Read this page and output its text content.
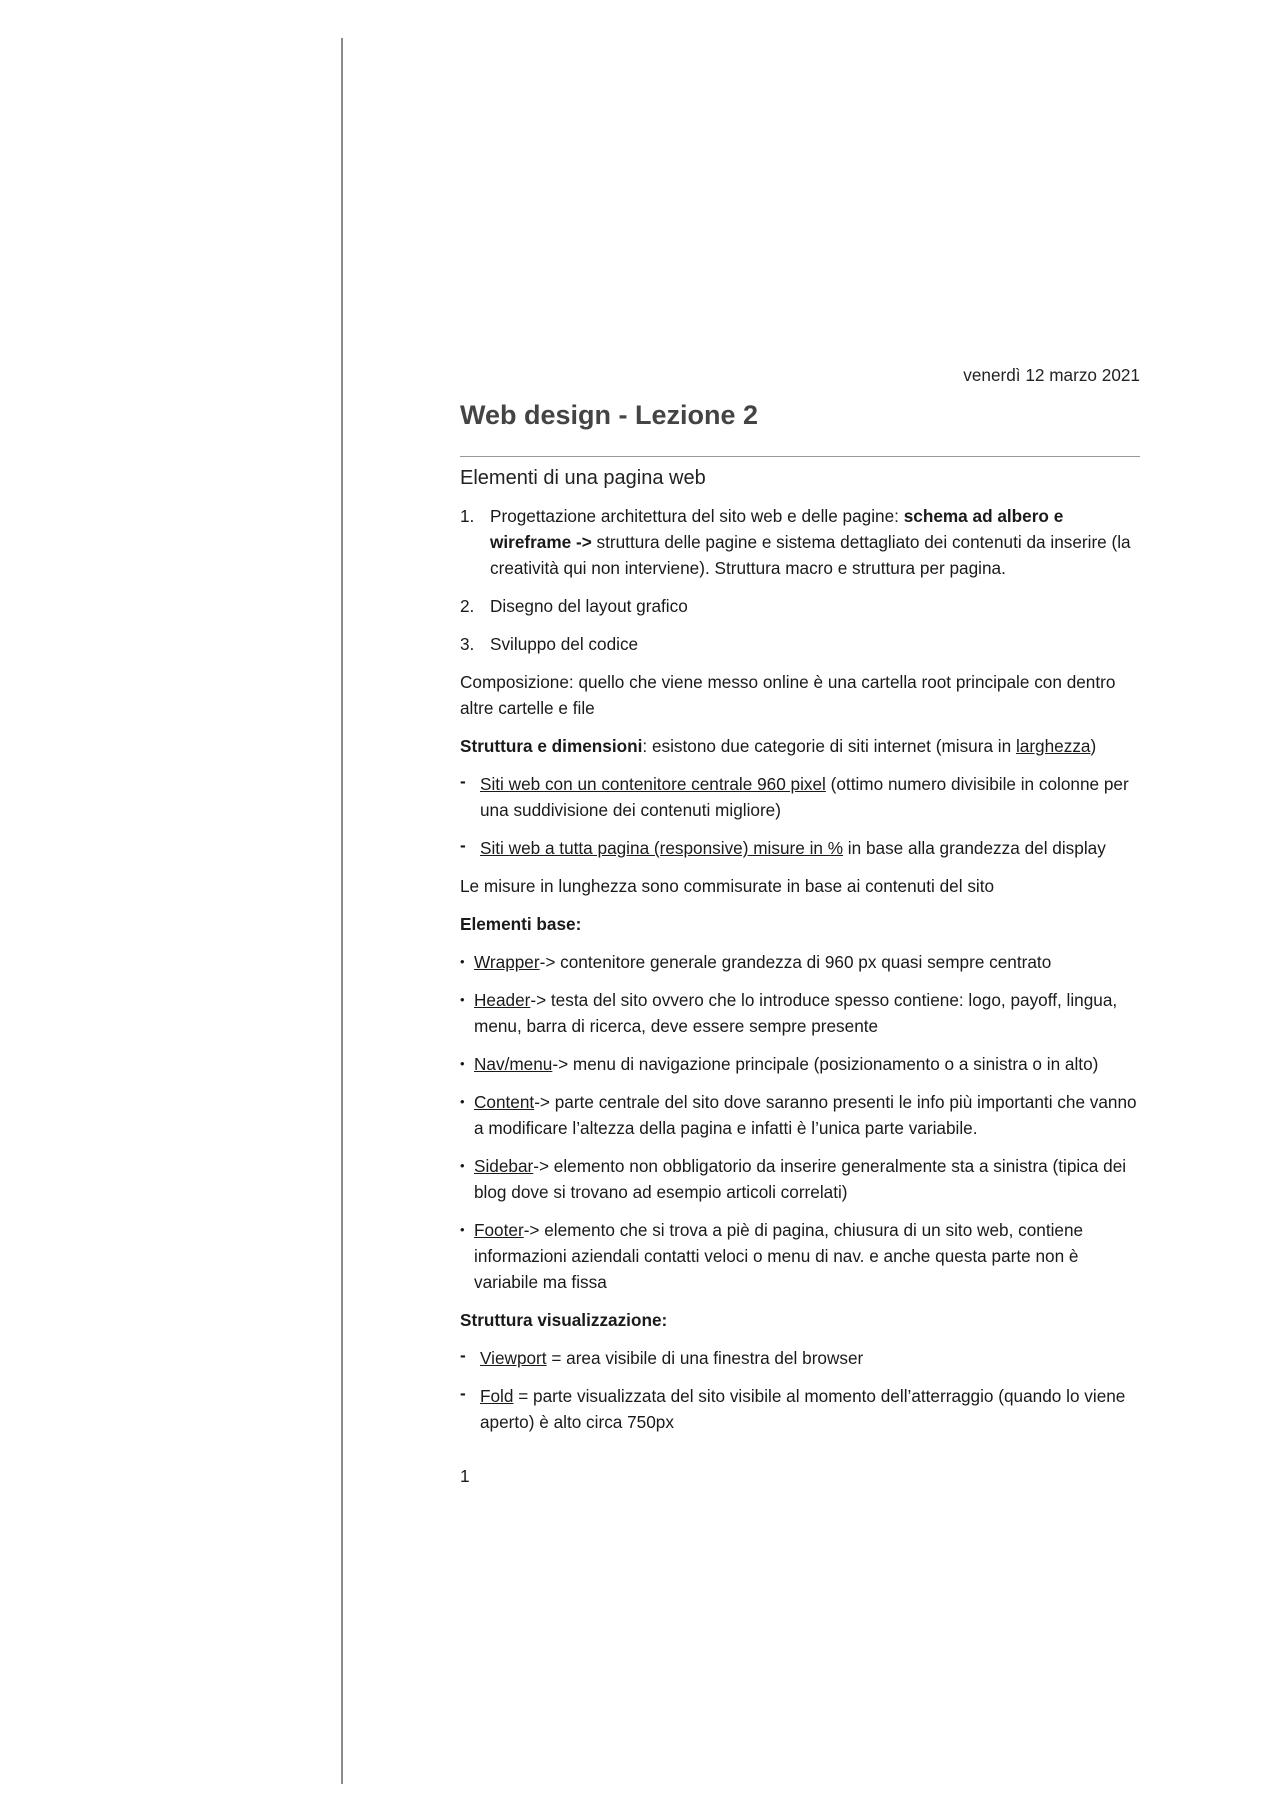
venerdì 12 marzo 2021
Web design - Lezione 2
Elementi di una pagina web
1. Progettazione architettura del sito web e delle pagine: schema ad albero e wireframe -> struttura delle pagine e sistema dettagliato dei contenuti da inserire (la creatività qui non interviene). Struttura macro e struttura per pagina.
2. Disegno del layout grafico
3. Sviluppo del codice

Composizione: quello che viene messo online è una cartella root principale con dentro altre cartelle e file

Struttura e dimensioni: esistono due categorie di siti internet (misura in larghezza)

- Siti web con un contenitore centrale 960 pixel (ottimo numero divisibile in colonne per una suddivisione dei contenuti migliore)
- Siti web a tutta pagina (responsive) misure in % in base alla grandezza del display

Le misure in lunghezza sono commisurate in base ai contenuti del sito

Elementi base:

• Wrapper-> contenitore generale grandezza di 960 px quasi sempre centrato
• Header-> testa del sito ovvero che lo introduce spesso contiene: logo, payoff, lingua, menu, barra di ricerca, deve essere sempre presente
• Nav/menu-> menu di navigazione principale (posizionamento o a sinistra o in alto)
• Content-> parte centrale del sito dove saranno presenti le info più importanti che vanno a modificare l’altezza della pagina e infatti è l’unica parte variabile.
• Sidebar-> elemento non obbligatorio da inserire generalmente sta a sinistra (tipica dei blog dove si trovano ad esempio articoli correlati)
• Footer-> elemento che si trova a piè di pagina, chiusura di un sito web, contiene informazioni aziendali contatti veloci o menu di nav. e anche questa parte non è variabile ma fissa

Struttura visualizzazione:

- Viewport = area visibile di una finestra del browser
- Fold = parte visualizzata del sito visibile al momento dell’atterraggio (quando lo viene aperto) è alto circa 750px
1
